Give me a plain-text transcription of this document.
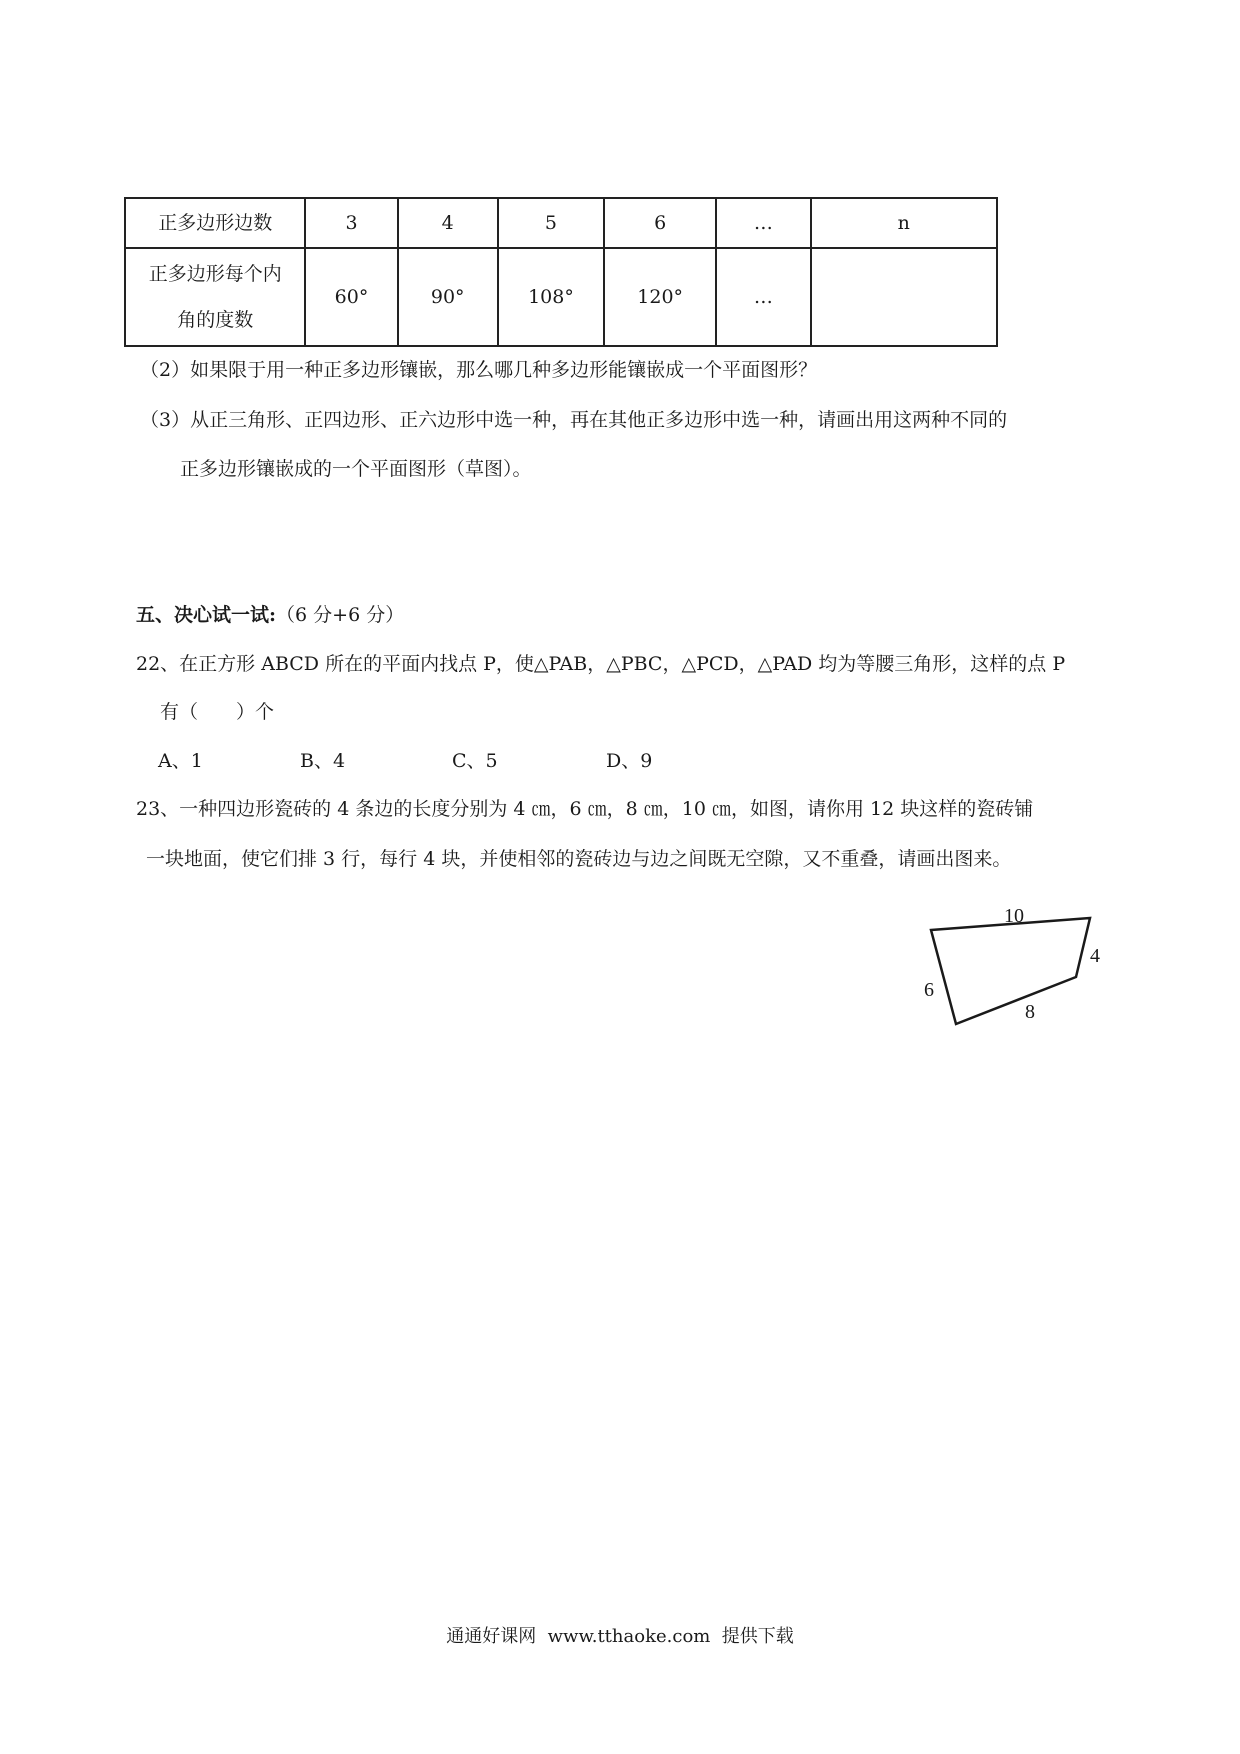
正多边形边数	3	4	5	6	…	n

正多边形每个内
角的度数	60°	90°	108°	120°	…	
（2）如果限于用一种正多边形镶嵌，那么哪几种多边形能镶嵌成一个平面图形？
（3）从正三角形、正四边形、正六边形中选一种，再在其他正多边形中选一种，请画出用这两种不同的
正多边形镶嵌成的一个平面图形（草图）。
五、决心试一试:（6 分+6 分）
22、在正方形 ABCD 所在的平面内找点 P，使△PAB，△PBC，△PCD，△PAD 均为等腰三角形，这样的点 P
有（　　）个
A、1	B、4	C、5	D、9
23、一种四边形瓷砖的 4 条边的长度分别为 4 ㎝，6 ㎝，8 ㎝，10 ㎝，如图，请你用 12 块这样的瓷砖铺
一块地面，使它们排 3 行，每行 4 块，并使相邻的瓷砖边与边之间既无空隙，又不重叠，请画出图来。
10
4
6
8
通通好课网  www.tthaoke.com  提供下载
